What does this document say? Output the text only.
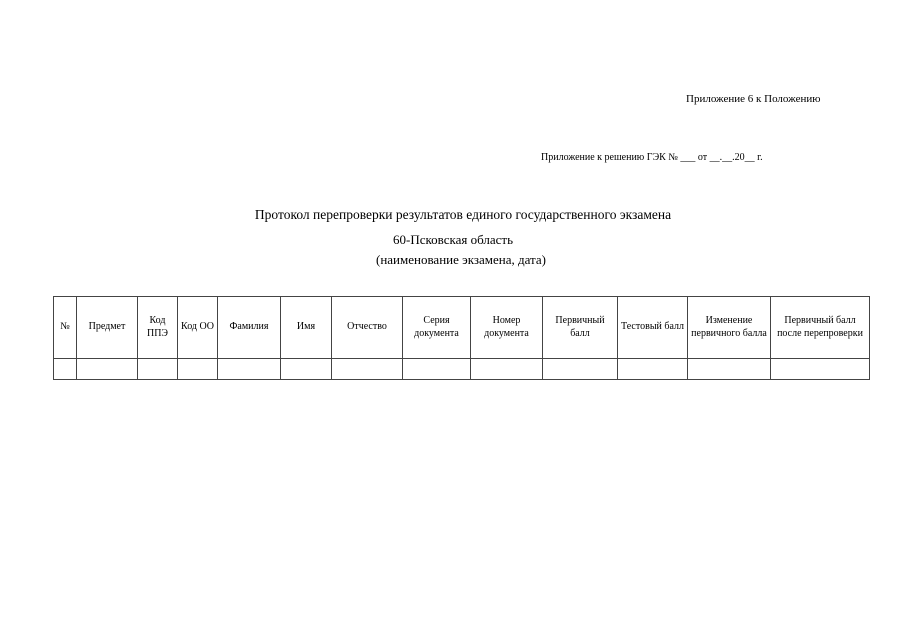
Приложение 6 к Положению
Приложение к решению ГЭК № ___ от __.__.20__ г.
Протокол перепроверки результатов единого государственного экзамена
60-Псковская область
(наименование экзамена, дата)
№	Предмет	Код ППЭ	Код ОО	Фамилия	Имя	Отчество	Серия документа	Номер документа	Первичный балл	Тестовый балл	Изменение первичного балла	Первичный балл после перепроверки
